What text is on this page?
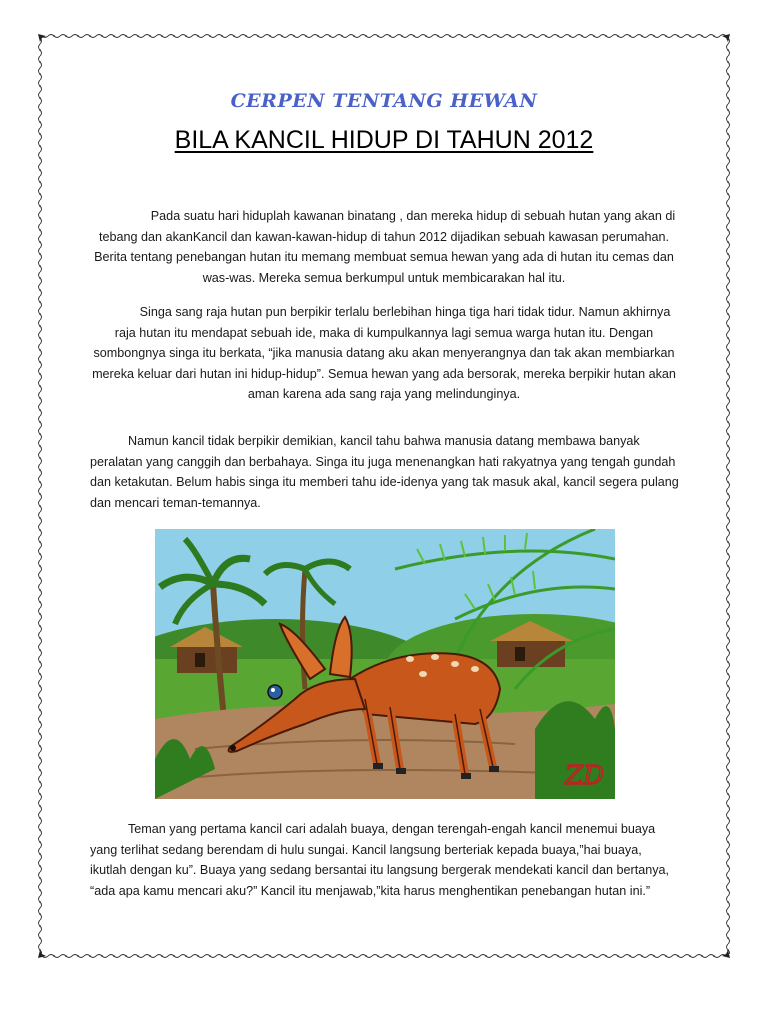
CERPEN TENTANG HEWAN
BILA KANCIL HIDUP DI TAHUN 2012

Pada suatu hari hiduplah kawanan binatang , dan mereka hidup di sebuah hutan yang akan di tebang dan akanKancil dan kawan-kawan-hidup di tahun 2012 dijadikan sebuah kawasan perumahan. Berita tentang penebangan hutan itu memang membuat semua hewan yang ada di hutan itu cemas dan was-was. Mereka semua berkumpul untuk membicarakan hal itu.

Singa sang raja hutan pun berpikir terlalu berlebihan hinga tiga hari tidak tidur. Namun akhirnya raja hutan itu mendapat sebuah ide, maka di kumpulkannya lagi semua warga hutan itu. Dengan sombongnya singa itu berkata, “jika manusia datang aku akan menyerangnya dan tak akan membiarkan mereka keluar dari hutan ini hidup-hidup”. Semua hewan yang ada bersorak, mereka berpikir hutan akan aman karena ada sang raja yang melindunginya.

Namun kancil tidak berpikir demikian, kancil tahu bahwa manusia datang membawa banyak peralatan yang canggih dan berbahaya. Singa itu juga menenangkan hati rakyatnya yang tengah gundah dan ketakutan. Belum habis singa itu memberi tahu ide-idenya yang tak masuk akal, kancil segera pulang dan mencari teman-temannya.

ZD

Teman yang pertama kancil cari adalah buaya, dengan terengah-engah kancil menemui buaya yang terlihat sedang berendam di hulu sungai. Kancil langsung berteriak kepada buaya,”hai buaya, ikutlah dengan ku”. Buaya yang sedang bersantai itu langsung bergerak mendekati kancil dan bertanya, “ada apa kamu mencari aku?” Kancil itu menjawab,”kita harus menghentikan penebangan hutan ini.”
